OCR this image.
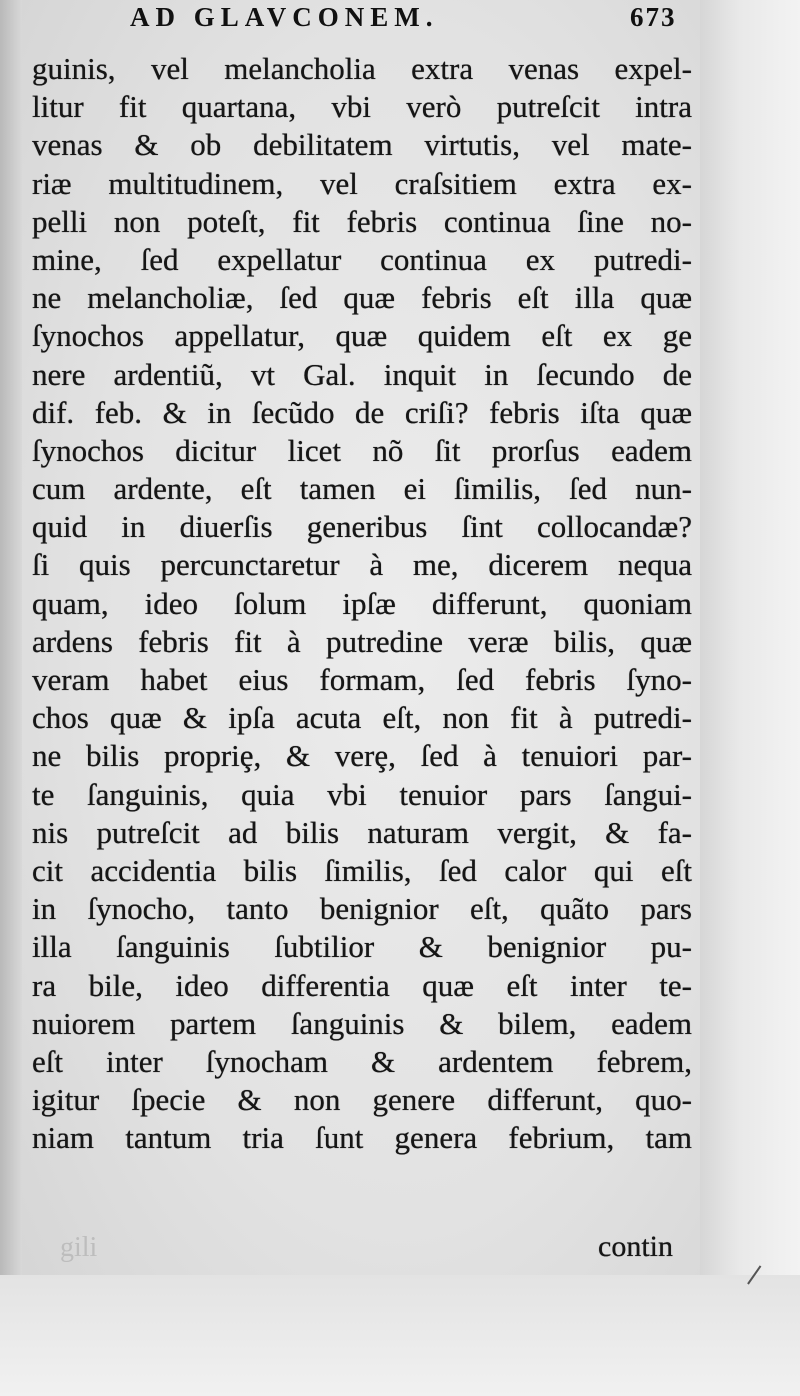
AD GLAVCONEM.	673
guinis, vel melancholia extra venas expel-
litur fit quartana, vbi verò putreſcit intra
venas & ob debilitatem virtutis, vel mate-
riæ multitudinem, vel craſsitiem extra ex-
pelli non poteſt, fit febris continua ſine no-
mine, ſed expellatur continua ex putredi-
ne melancholiæ, ſed quæ febris eſt illa quæ
ſynochos appellatur, quæ quidem eſt ex ge
nere ardentiũ, vt Gal. inquit in ſecundo de
dif. feb. & in ſecũdo de criſi? febris iſta quæ
ſynochos dicitur licet nõ ſit prorſus eadem
cum ardente, eſt tamen ei ſimilis, ſed nun-
quid in diuerſis generibus ſint collocandæ?
ſi quis percunctaretur à me, dicerem nequa
quam, ideo ſolum ipſæ differunt, quoniam
ardens febris fit à putredine veræ bilis, quæ
veram habet eius formam, ſed febris ſyno-
chos quæ & ipſa acuta eſt, non fit à putredi-
ne bilis propriȩ, & verȩ, ſed à tenuiori par-
te ſanguinis, quia vbi tenuior pars ſangui-
nis putreſcit ad bilis naturam vergit, & fa-
cit accidentia bilis ſimilis, ſed calor qui eſt
in ſynocho, tanto benignior eſt, quãto pars
illa ſanguinis ſubtilior & benignior pu-
ra bile, ideo differentia quæ eſt inter te-
nuiorem partem ſanguinis & bilem, eadem
eſt inter ſynocham & ardentem febrem,
igitur ſpecie & non genere differunt, quo-
niam tantum tria ſunt genera febrium, tam
gili	contin
